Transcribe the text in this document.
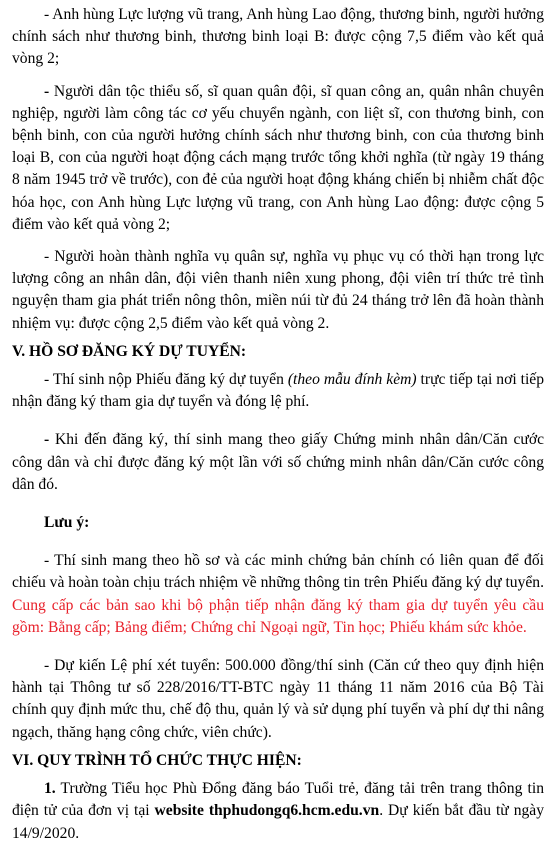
- Anh hùng Lực lượng vũ trang, Anh hùng Lao động, thương binh, người hưởng chính sách như thương binh, thương binh loại B: được cộng 7,5 điểm vào kết quả vòng 2;

- Người dân tộc thiểu số, sĩ quan quân đội, sĩ quan công an, quân nhân chuyên nghiệp, người làm công tác cơ yếu chuyển ngành, con liệt sĩ, con thương binh, con bệnh binh, con của người hưởng chính sách như thương binh, con của thương binh loại B, con của người hoạt động cách mạng trước tổng khởi nghĩa (từ ngày 19 tháng 8 năm 1945 trở về trước), con đẻ của người hoạt động kháng chiến bị nhiễm chất độc hóa học, con Anh hùng Lực lượng vũ trang, con Anh hùng Lao động: được cộng 5 điểm vào kết quả vòng 2;

- Người hoàn thành nghĩa vụ quân sự, nghĩa vụ phục vụ có thời hạn trong lực lượng công an nhân dân, đội viên thanh niên xung phong, đội viên trí thức trẻ tình nguyện tham gia phát triển nông thôn, miền núi từ đủ 24 tháng trở lên đã hoàn thành nhiệm vụ: được cộng 2,5 điểm vào kết quả vòng 2.

V. HỒ SƠ ĐĂNG KÝ DỰ TUYỂN:

- Thí sinh nộp Phiếu đăng ký dự tuyển (theo mẫu đính kèm) trực tiếp tại nơi tiếp nhận đăng ký tham gia dự tuyển và đóng lệ phí.

- Khi đến đăng ký, thí sinh mang theo giấy Chứng minh nhân dân/Căn cước công dân và chỉ được đăng ký một lần với số chứng minh nhân dân/Căn cước công dân đó.

Lưu ý:

- Thí sinh mang theo hồ sơ và các minh chứng bản chính có liên quan để đối chiếu và hoàn toàn chịu trách nhiệm về những thông tin trên Phiếu đăng ký dự tuyển. Cung cấp các bản sao khi bộ phận tiếp nhận đăng ký tham gia dự tuyển yêu cầu gồm: Bằng cấp; Bảng điểm; Chứng chỉ Ngoại ngữ, Tin học; Phiếu khám sức khỏe.

- Dự kiến Lệ phí xét tuyển: 500.000 đồng/thí sinh (Căn cứ theo quy định hiện hành tại Thông tư số 228/2016/TT-BTC ngày 11 tháng 11 năm 2016 của Bộ Tài chính quy định mức thu, chế độ thu, quản lý và sử dụng phí tuyển và phí dự thi nâng ngạch, thăng hạng công chức, viên chức).

VI. QUY TRÌNH TỔ CHỨC THỰC HIỆN:

1. Trường Tiểu học Phù Đổng đăng báo Tuổi trẻ, đăng tải trên trang thông tin điện tử của đơn vị tại website thphudongq6.hcm.edu.vn. Dự kiến bắt đầu từ ngày 14/9/2020.
